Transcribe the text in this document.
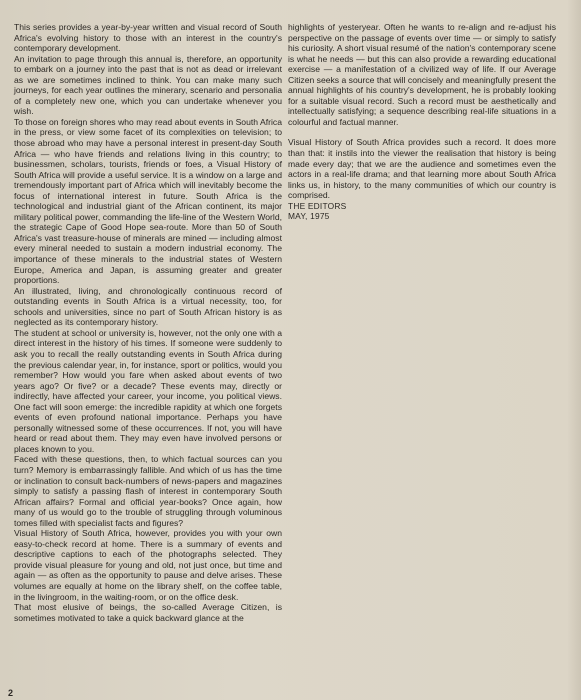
This series provides a year-by-year written and visual record of South Africa's evolving history to those with an interest in the country's contemporary development.

An invitation to page through this annual is, therefore, an opportunity to embark on a journey into the past that is not as dead or irrelevant as we are sometimes inclined to think. You can make many such journeys, for each year outlines the minerary, scenario and personalia of a completely new one, which you can undertake whenever you wish.

To those on foreign shores who may read about events in South Africa in the press, or view some facet of its complexities on television; to those abroad who may have a personal interest in present-day South Africa — who have friends and relations living in this country; to businessmen, scholars, tourists, friends or foes, a Visual History of South Africa will provide a useful service. It is a window on a large and tremendously important part of Africa which will inevitably become the focus of international interest in future. South Africa is the technological and industrial giant of the African continent, its major military political power, commanding the life-line of the Western World, the strategic Cape of Good Hope sea-route. More than 50 of South Africa's vast treasure-house of minerals are mined — including almost every mineral needed to sustain a modern industrial economy. The importance of these minerals to the industrial states of Western Europe, America and Japan, is assuming greater and greater proportions.

An illustrated, living, and chronologically continuous record of outstanding events in South Africa is a virtual necessity, too, for schools and universities, since no part of South African history is as neglected as its contemporary history.

The student at school or university is, however, not the only one with a direct interest in the history of his times. If someone were suddenly to ask you to recall the really outstanding events in South Africa during the previous calendar year, in, for instance, sport or politics, would you remember? How would you fare when asked about events of two years ago? Or five? or a decade? These events may, directly or indirectly, have affected your career, your income, you political views. One fact will soon emerge: the incredible rapidity at which one forgets events of even profound national importance. Perhaps you have personally witnessed some of these occurrences. If not, you will have heard or read about them. They may even have involved persons or places known to you.

Faced with these questions, then, to which factual sources can you turn? Memory is embarrassingly fallible. And which of us has the time or inclination to consult back-numbers of news-papers and magazines simply to satisfy a passing flash of interest in contemporary South African affairs? Formal and official year-books? Once again, how many of us would go to the trouble of struggling through voluminous tomes filled with specialist facts and figures?

Visual History of South Africa, however, provides you with your own easy-to-check record at home. There is a summary of events and descriptive captions to each of the photographs selected. They provide visual pleasure for young and old, not just once, but time and again — as often as the opportunity to pause and delve arises. These volumes are equally at home on the library shelf, on the coffee table, in the livingroom, in the waiting-room, or on the office desk.

That most elusive of beings, the so-called Average Citizen, is sometimes motivated to take a quick backward glance at the

highlights of yesteryear. Often he wants to re-align and re-adjust his perspective on the passage of events over time — or simply to satisfy his curiosity. A short visual resumé of the nation's contemporary scene is what he needs — but this can also provide a rewarding educational exercise — a manifestation of a civilized way of life. If our Average Citizen seeks a source that will concisely and meaningfully present the annual highlights of his country's development, he is probably looking for a suitable visual record. Such a record must be aesthetically and intellectually satisfying; a sequence describing real-life situations in a colourful and factual manner.

Visual History of South Africa provides such a record. It does more than that: it instils into the viewer the realisation that history is being made every day; that we are the audience and sometimes even the actors in a real-life drama; and that learning more about South Africa links us, in history, to the many communities of which our country is comprised.

THE EDITORS

MAY, 1975

2
